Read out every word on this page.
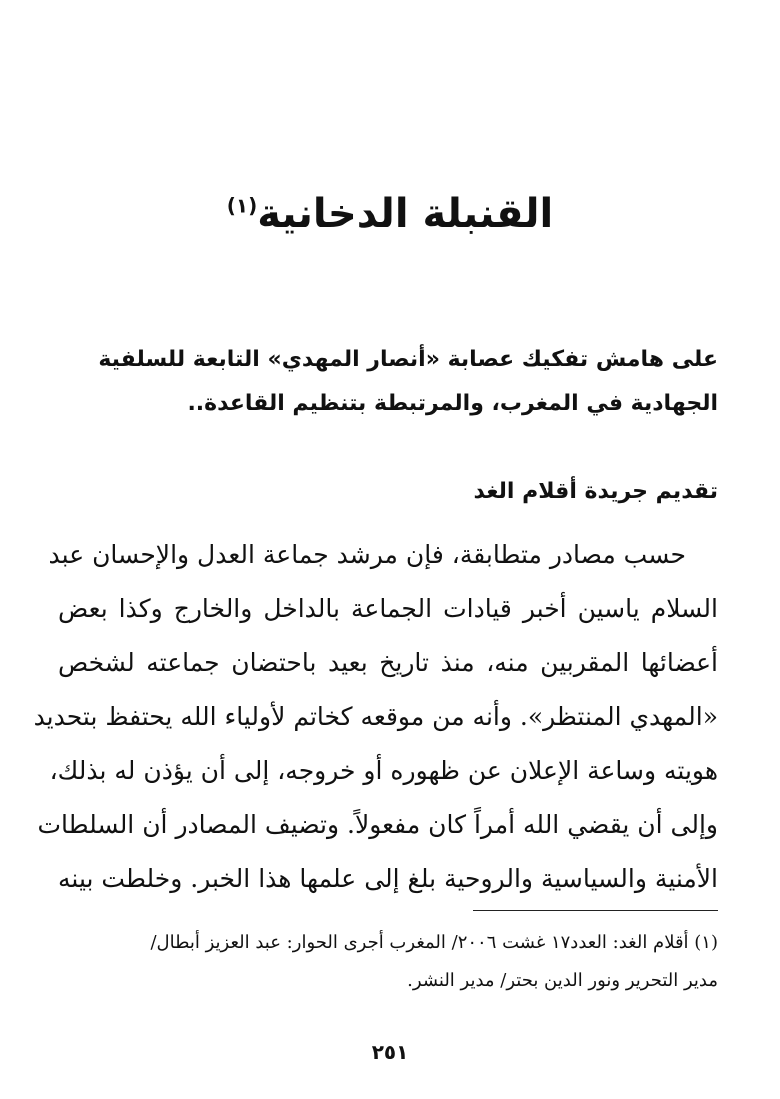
القنبلة الدخانية$^{(١)}$
على هامش تفكيك عصابة «أنصار المهدي» التابعة للسلفية
الجهادية في المغرب، والمرتبطة بتنظيم القاعدة..
تقديم جريدة أقلام الغد
حسب مصادر متطابقة، فإن مرشد جماعة العدل والإحسان عبد
السلام ياسين أخبر قيادات الجماعة بالداخل والخارج وكذا بعض
أعضائها المقربين منه، منذ تاريخ بعيد باحتضان جماعته لشخص
«المهدي المنتظر». وأنه من موقعه كخاتم لأولياء الله يحتفظ بتحديد
هويته وساعة الإعلان عن ظهوره أو خروجه، إلى أن يؤذن له بذلك،
وإلى أن يقضي الله أمراً كان مفعولاً. وتضيف المصادر أن السلطات
الأمنية والسياسية والروحية بلغ إلى علمها هذا الخبر. وخلطت بينه
(١) أقلام الغد: العدد١٧ غشت ٢٠٠٦/ المغرب أجرى الحوار: عبد العزيز أبطال/
مدير التحرير ونور الدين بحتر/ مدير النشر.
٢٥١
